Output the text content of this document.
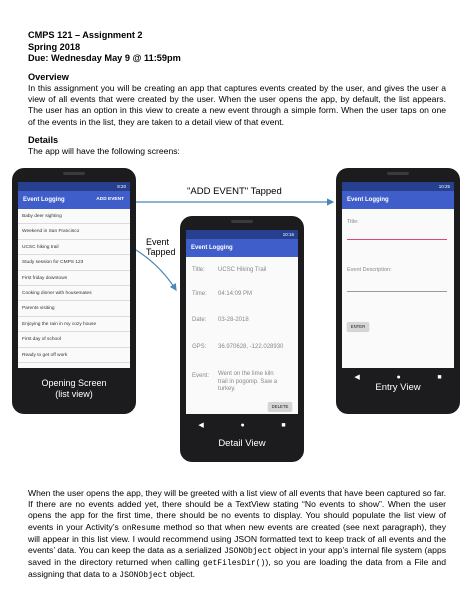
CMPS 121 – Assignment 2
Spring 2018
Due: Wednesday May 9 @ 11:59pm
Overview
In this assignment you will be creating an app that captures events created by the user, and gives the user a view of all events that were created by the user. When the user opens the app, by default, the list appears. The user has an option in this view to create a new event through a simple form. When the user taps on one of the events in the list, they are taken to a detail view of that event.
Details
The app will have the following screens:
"ADD EVENT" Tapped
Event
Tapped
8:20
Event Logging	ADD EVENT
Baby deer sighting
Weekend in San Francisco
UCSC hiking trail
Study session for CMPS 123
First friday downtown
Cooking dinner with housemates
Parents visiting
Enjoying the rain in my cozy house
First day of school
Ready to get off work
Opening Screen
(list view)
10:16
Event Logging
Title: UCSC Hiking Trail
Time: 04:14:09 PM
Date: 03-28-2018
GPS: 36.970628, -122.028930
Event: Went on the lime kiln trail in pogonip. Saw a turkey.
DELETE
◀	●	■
Detail View
10:25
Event Logging
Title:
Event Description:
ENTER
◀	●	■
Entry View
When the user opens the app, they will be greeted with a list view of all events that have been captured so far. If there are no events added yet, there should be a TextView stating “No events to show”. When the user opens the app for the first time, there should be no events to display. You should populate the list view of events in your Activity’s onResume method so that when new events are created (see next paragraph), they will appear in this list view. I would recommend using JSON formatted text to keep track of all events and the events’ data. You can keep the data as a serialized JSONObject object in your app’s internal file system (apps saved in the directory returned when calling getFilesDir()), so you are loading the data from a File and assigning that data to a JSONObject object.
